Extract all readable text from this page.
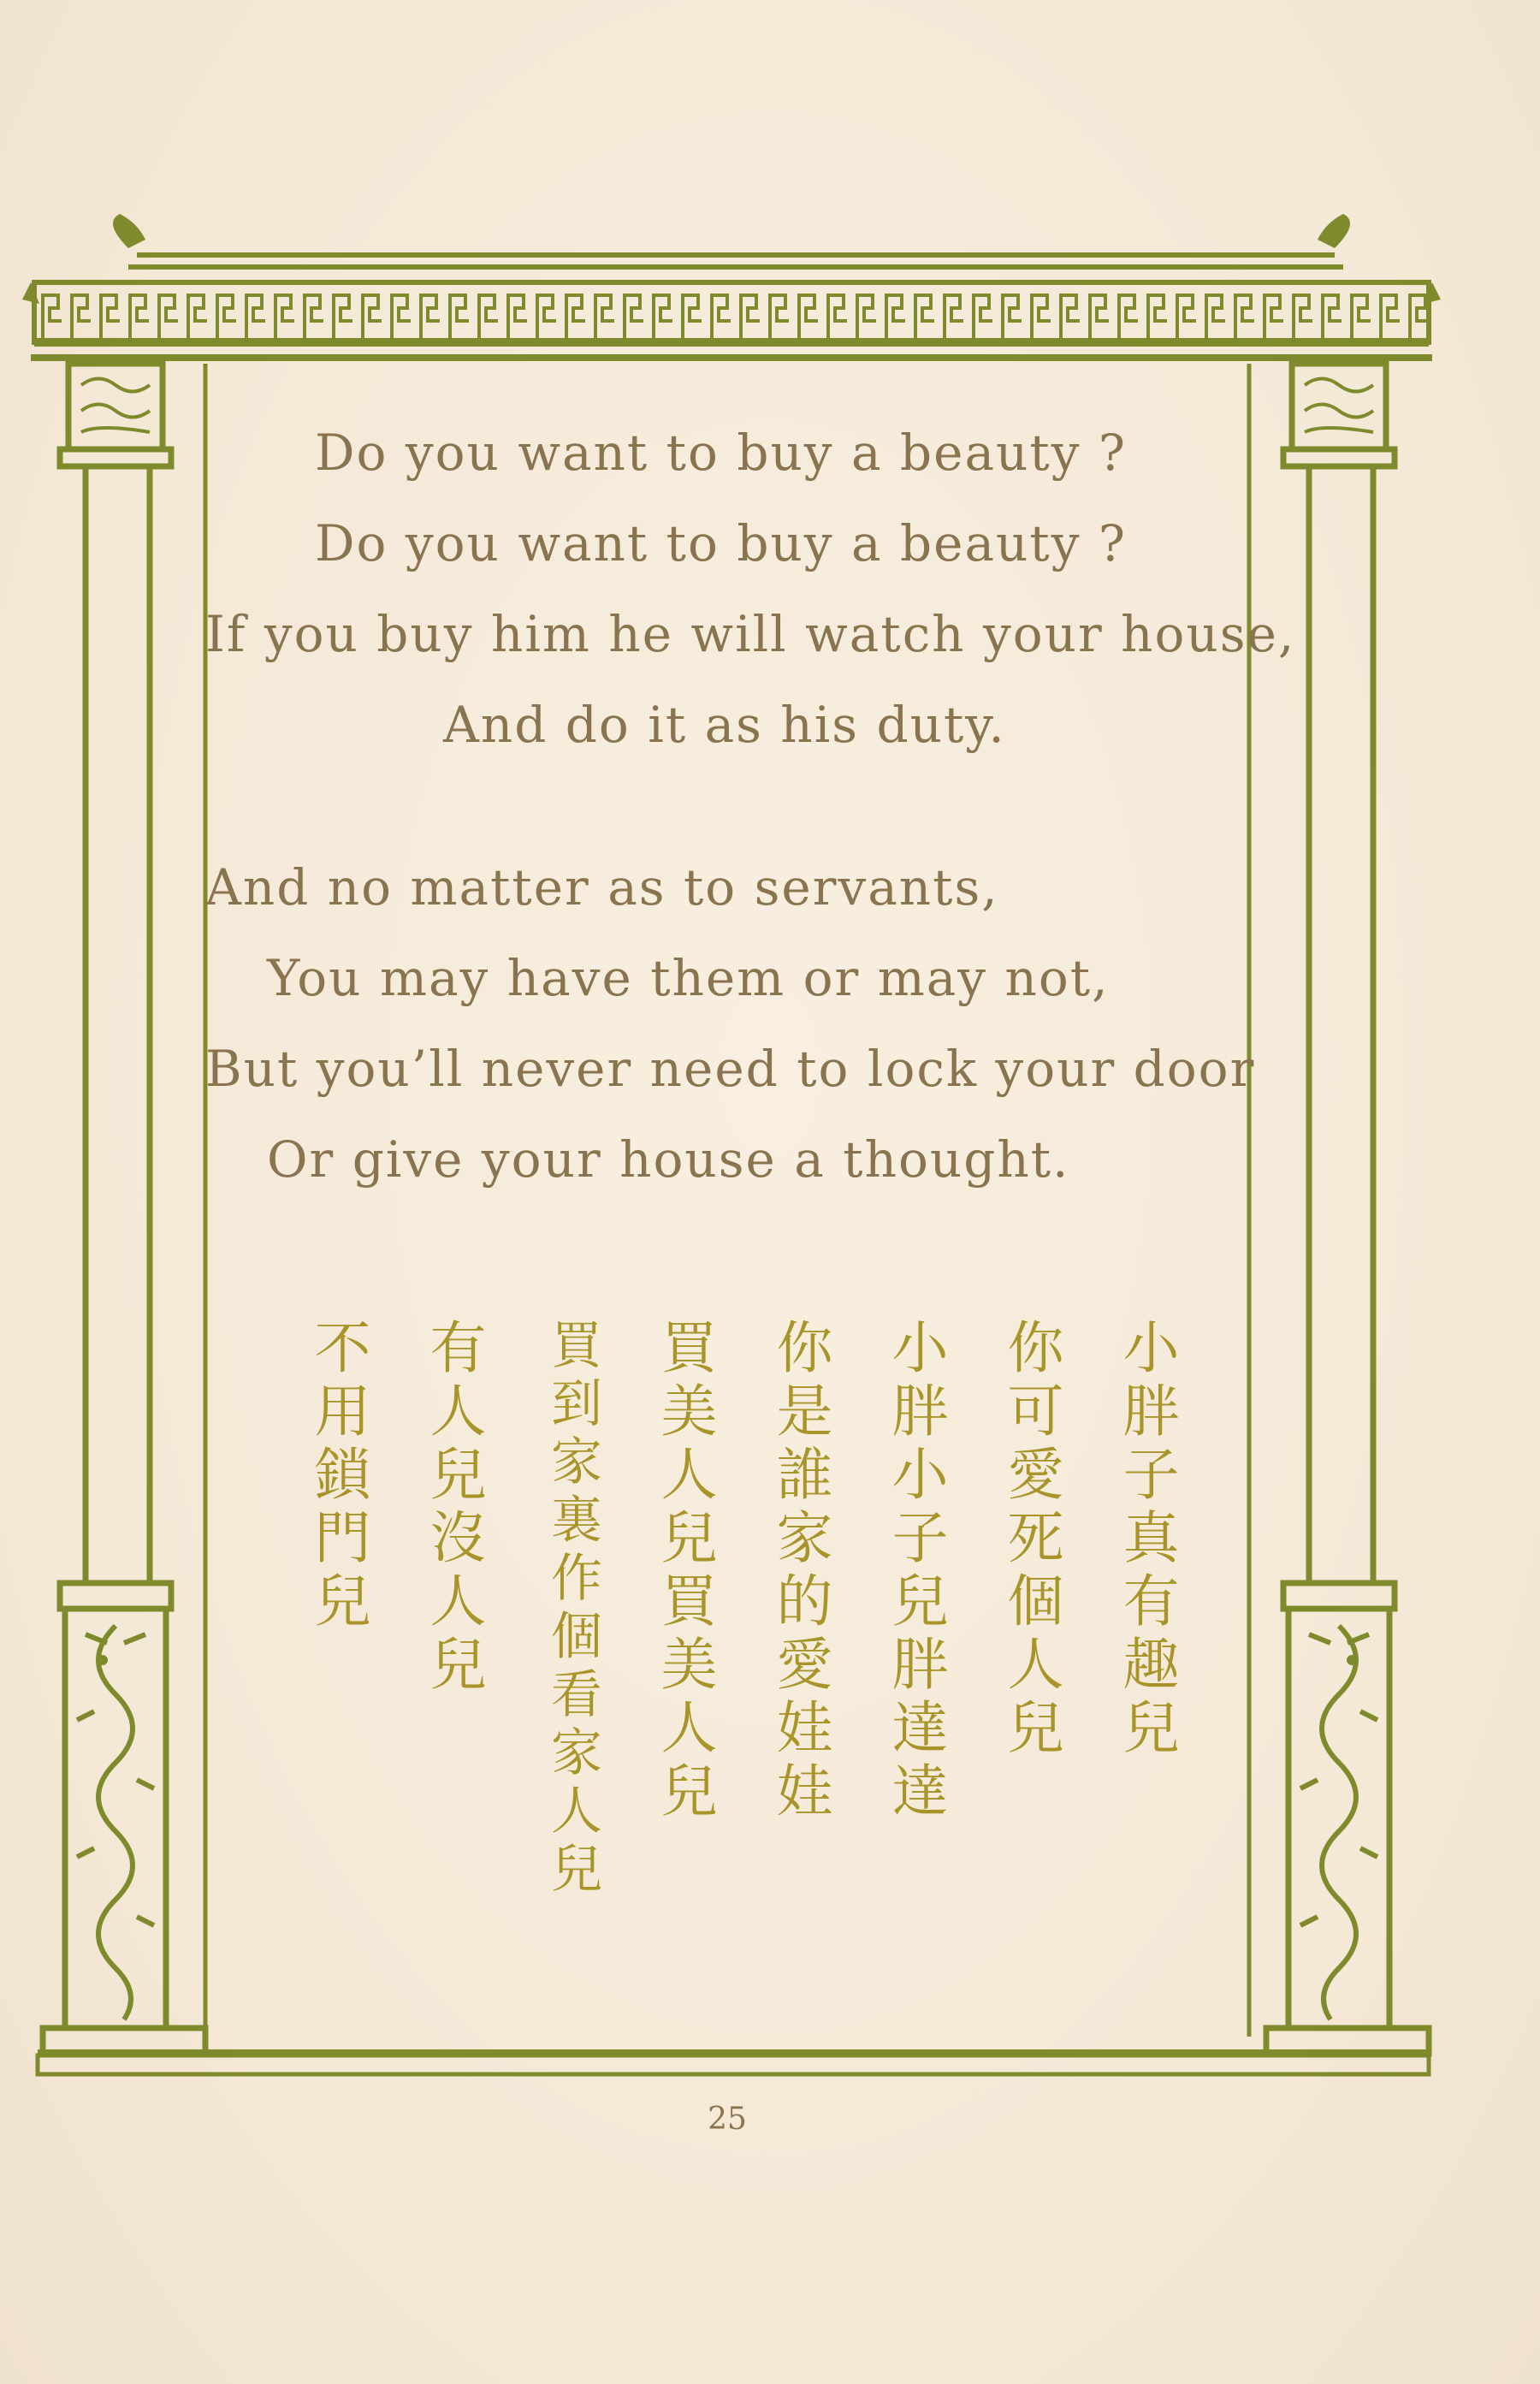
Do you want to buy a beauty ?
Do you want to buy a beauty ?
If you buy him he will watch your house,
And do it as his duty.
And no matter as to servants,
You may have them or may not,
But you’ll never need to lock your door
Or give your house a thought.
小胖子真有趣兒
你可愛死個人兒
小胖小子兒胖達達
你是誰家的愛娃娃
買美人兒買美人兒
買到家裏作個看家人兒
有人兒沒人兒
不用鎖門兒
25
